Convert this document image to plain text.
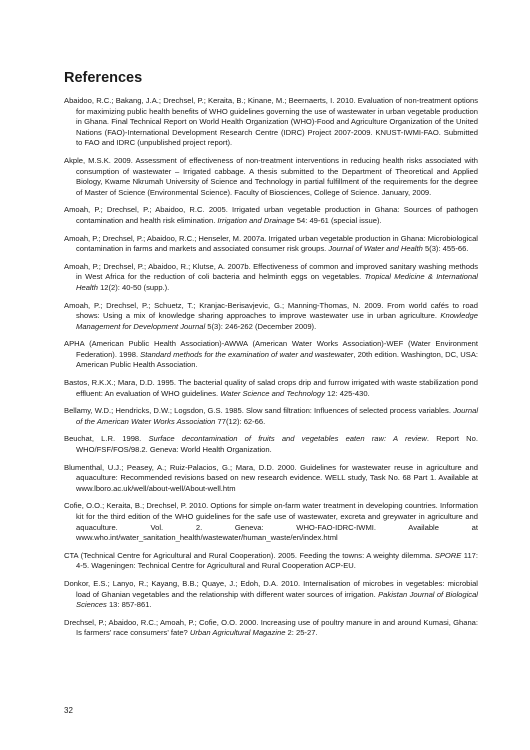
References

Abaidoo, R.C.; Bakang, J.A.; Drechsel, P.; Keraita, B.; Kinane, M.; Beernaerts, I. 2010. Evaluation of non-treatment options for maximizing public health benefits of WHO guidelines governing the use of wastewater in urban vegetable production in Ghana. Final Technical Report on World Health Organization (WHO)-Food and Agriculture Organization of the United Nations (FAO)-International Development Research Centre (IDRC) Project 2007-2009. KNUST-IWMI-FAO. Submitted to FAO and IDRC (unpublished project report).

Akple, M.S.K. 2009. Assessment of effectiveness of non-treatment interventions in reducing health risks associated with consumption of wastewater – Irrigated cabbage. A thesis submitted to the Department of Theoretical and Applied Biology, Kwame Nkrumah University of Science and Technology in partial fulfillment of the requirements for the degree of Master of Science (Environmental Science). Faculty of Biosciences, College of Science. January, 2009.

Amoah, P.; Drechsel, P.; Abaidoo, R.C. 2005. Irrigated urban vegetable production in Ghana: Sources of pathogen contamination and health risk elimination. Irrigation and Drainage 54: 49-61 (special issue).

Amoah, P.; Drechsel, P.; Abaidoo, R.C.; Henseler, M. 2007a. Irrigated urban vegetable production in Ghana: Microbiological contamination in farms and markets and associated consumer risk groups. Journal of Water and Health 5(3): 455-66.

Amoah, P.; Drechsel, P.; Abaidoo, R.; Klutse, A. 2007b. Effectiveness of common and improved sanitary washing methods in West Africa for the reduction of coli bacteria and helminth eggs on vegetables. Tropical Medicine & International Health 12(2): 40-50 (supp.).

Amoah, P.; Drechsel, P.; Schuetz, T.; Kranjac-Berisavjevic, G.; Manning-Thomas, N. 2009. From world cafés to road shows: Using a mix of knowledge sharing approaches to improve wastewater use in urban agriculture. Knowledge Management for Development Journal 5(3): 246-262 (December 2009).

APHA (American Public Health Association)-AWWA (American Water Works Association)-WEF (Water Environment Federation). 1998. Standard methods for the examination of water and wastewater, 20th edition. Washington, DC, USA: American Public Health Association.

Bastos, R.K.X.; Mara, D.D. 1995. The bacterial quality of salad crops drip and furrow irrigated with waste stabilization pond effluent: An evaluation of WHO guidelines. Water Science and Technology 12: 425-430.

Bellamy, W.D.; Hendricks, D.W.; Logsdon, G.S. 1985. Slow sand filtration: Influences of selected process variables. Journal of the American Water Works Association 77(12): 62-66.

Beuchat, L.R. 1998. Surface decontamination of fruits and vegetables eaten raw: A review. Report No. WHO/FSF/FOS/98.2. Geneva: World Health Organization.

Blumenthal, U.J.; Peasey, A.; Ruiz-Palacios, G.; Mara, D.D. 2000. Guidelines for wastewater reuse in agriculture and aquaculture: Recommended revisions based on new research evidence. WELL study, Task No. 68 Part 1. Available at www.lboro.ac.uk/well/about-well/About-well.htm

Cofie, O.O.; Keraita, B.; Drechsel, P. 2010. Options for simple on-farm water treatment in developing countries. Information kit for the third edition of the WHO guidelines for the safe use of wastewater, excreta and greywater in agriculture and aquaculture. Vol. 2. Geneva: WHO-FAO-IDRC-IWMI. Available at www.who.int/water_sanitation_health/wastewater/human_waste/en/index.html

CTA (Technical Centre for Agricultural and Rural Cooperation). 2005. Feeding the towns: A weighty dilemma. SPORE 117: 4-5. Wageningen: Technical Centre for Agricultural and Rural Cooperation ACP-EU.

Donkor, E.S.; Lanyo, R.; Kayang, B.B.; Quaye, J.; Edoh, D.A. 2010. Internalisation of microbes in vegetables: microbial load of Ghanian vegetables and the relationship with different water sources of irrigation. Pakistan Journal of Biological Sciences 13: 857-861.

Drechsel, P.; Abaidoo, R.C.; Amoah, P.; Cofie, O.O. 2000. Increasing use of poultry manure in and around Kumasi, Ghana: Is farmers' race consumers' fate? Urban Agricultural Magazine 2: 25-27.

32
